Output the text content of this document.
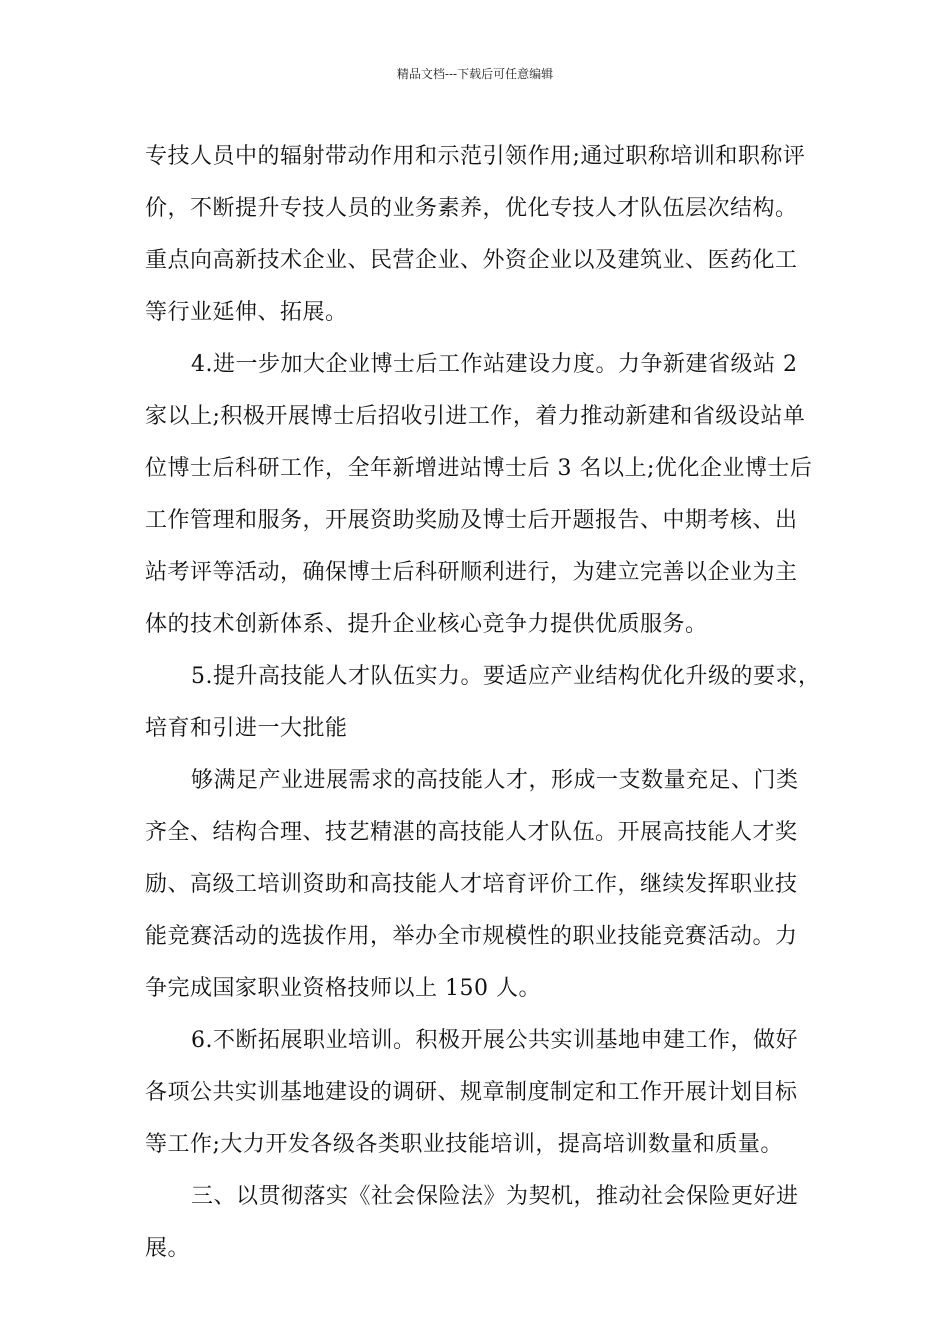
精品文档---下载后可任意编辑
专技人员中的辐射带动作用和示范引领作用;通过职称培训和职称评
价，不断提升专技人员的业务素养，优化专技人才队伍层次结构。
重点向高新技术企业、民营企业、外资企业以及建筑业、医药化工
等行业延伸、拓展。
4.进一步加大企业博士后工作站建设力度。力争新建省级站 2
家以上;积极开展博士后招收引进工作，着力推动新建和省级设站单
位博士后科研工作，全年新增进站博士后 3 名以上;优化企业博士后
工作管理和服务，开展资助奖励及博士后开题报告、中期考核、出
站考评等活动，确保博士后科研顺利进行，为建立完善以企业为主
体的技术创新体系、提升企业核心竞争力提供优质服务。
5.提升高技能人才队伍实力。要适应产业结构优化升级的要求，
培育和引进一大批能
够满足产业进展需求的高技能人才，形成一支数量充足、门类
齐全、结构合理、技艺精湛的高技能人才队伍。开展高技能人才奖
励、高级工培训资助和高技能人才培育评价工作，继续发挥职业技
能竞赛活动的选拔作用，举办全市规模性的职业技能竞赛活动。力
争完成国家职业资格技师以上 150 人。
6.不断拓展职业培训。积极开展公共实训基地申建工作，做好
各项公共实训基地建设的调研、规章制度制定和工作开展计划目标
等工作;大力开发各级各类职业技能培训，提高培训数量和质量。
三、以贯彻落实《社会保险法》为契机，推动社会保险更好进
展。
